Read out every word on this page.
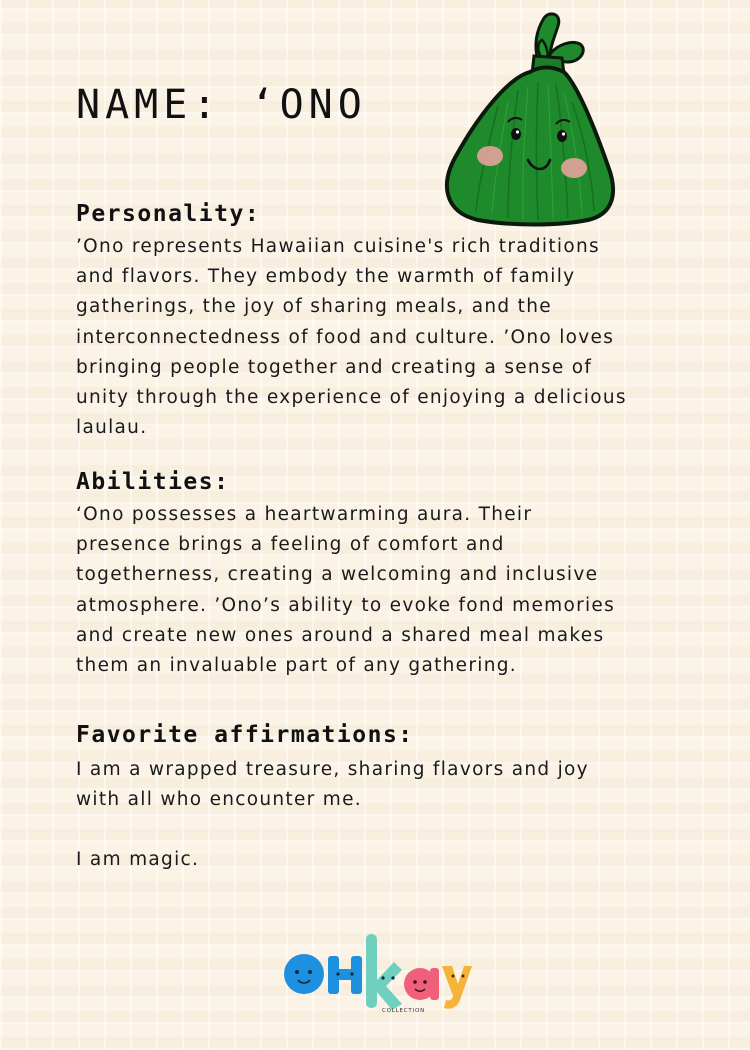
NAME: ‘ONO
Personality:

’Ono represents Hawaiian cuisine's rich traditions
and flavors. They embody the warmth of family
gatherings, the joy of sharing meals, and the
interconnectedness of food and culture. ’Ono loves
bringing people together and creating a sense of
unity through the experience of enjoying a delicious
laulau.

Abilities:

‘Ono possesses a heartwarming aura. Their
presence brings a feeling of comfort and
togetherness, creating a welcoming and inclusive
atmosphere. ’Ono’s ability to evoke fond memories
and create new ones around a shared meal makes
them an invaluable part of any gathering.

Favorite affirmations:

I am a wrapped treasure, sharing flavors and joy
with all who encounter me.

I am magic.

COLLECTION
